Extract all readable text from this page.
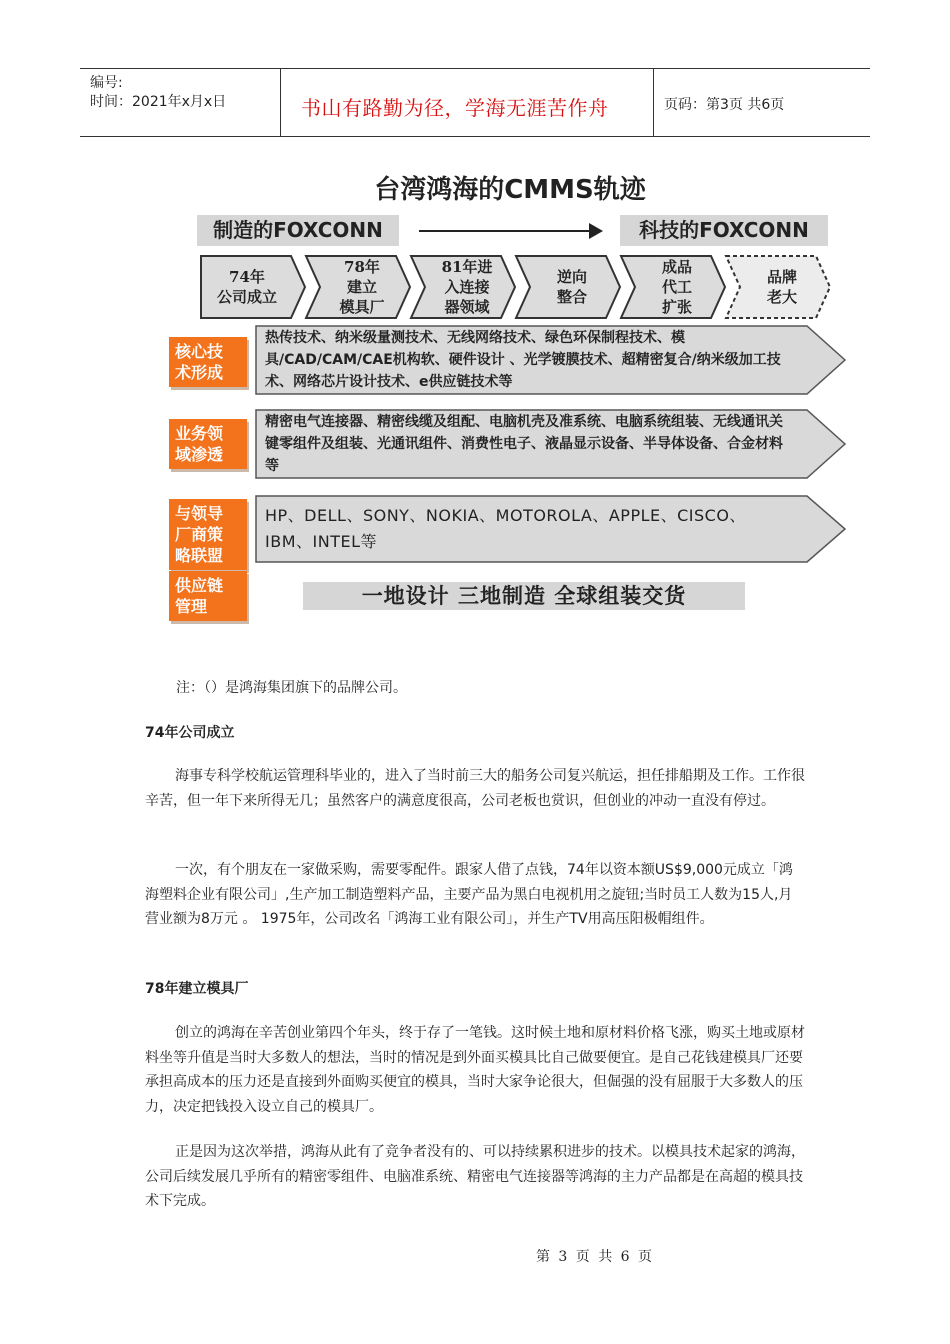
编号:
时间：2021年x月x日	书山有路勤为径，学海无涯苦作舟	页码：第3页 共6页
台湾鸿海的CMMS轨迹
制造的FOXCONN	科技的FOXCONN
74年
公司成立
78年
建立
模具厂
81年进
入连接
器领域
逆向
整合
成品
代工
扩张
品牌
老大
核心技
术形成
热传技术、纳米级量测技术、无线网络技术、绿色环保制程技术、模具/CAD/CAM/CAE机构软、硬件设计 、光学镀膜技术、超精密复合/纳米级加工技术、网络芯片设计技术、e供应链技术等
业务领
域渗透
精密电气连接器、精密线缆及组配、电脑机壳及准系统、电脑系统组装、无线通讯关键零组件及组装、光通讯组件、消费性电子、液晶显示设备、半导体设备、合金材料等
与领导
厂商策
略联盟
HP、DELL、SONY、NOKIA、MOTOROLA、APPLE、CISCO、IBM、INTEL等
供应链
管理	一地设计 三地制造 全球组装交货
注：（）是鸿海集团旗下的品牌公司。
74年公司成立

海事专科学校航运管理科毕业的，进入了当时前三大的船务公司复兴航运，担任排船期及工作。工作很辛苦，但一年下来所得无几；虽然客户的满意度很高，公司老板也赏识，但创业的冲动一直没有停过。

一次，有个朋友在一家做采购，需要零配件。跟家人借了点钱，74年以资本额US$9,000元成立「鸿海塑料企业有限公司」,生产加工制造塑料产品，主要产品为黑白电视机用之旋钮;当时员工人数为15人,月营业额为8万元 。 1975年，公司改名「鸿海工业有限公司」，并生产TV用高压阳极帽组件。

78年建立模具厂

创立的鸿海在辛苦创业第四个年头，终于存了一笔钱。这时候土地和原材料价格飞涨，购买土地或原材料坐等升值是当时大多数人的想法，当时的情况是到外面买模具比自己做要便宜。是自己花钱建模具厂还要承担高成本的压力还是直接到外面购买便宜的模具，当时大家争论很大，但倔强的没有屈服于大多数人的压力，决定把钱投入设立自己的模具厂。

正是因为这次举措，鸿海从此有了竞争者没有的、可以持续累积进步的技术。以模具技术起家的鸿海，公司后续发展几乎所有的精密零组件、电脑准系统、精密电气连接器等鸿海的主力产品都是在高超的模具技术下完成。

第 3 页 共 6 页
